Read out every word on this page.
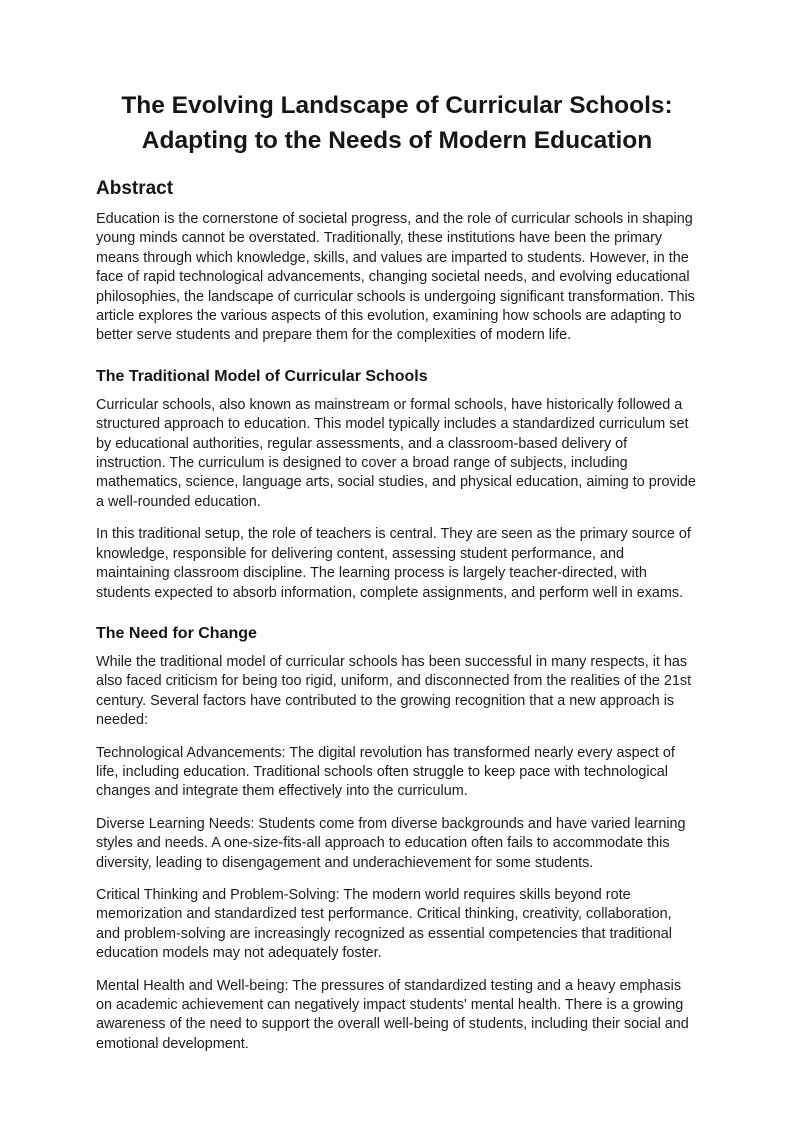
The Evolving Landscape of Curricular Schools:
Adapting to the Needs of Modern Education
Abstract

Education is the cornerstone of societal progress, and the role of curricular schools in shaping young minds cannot be overstated. Traditionally, these institutions have been the primary means through which knowledge, skills, and values are imparted to students. However, in the face of rapid technological advancements, changing societal needs, and evolving educational philosophies, the landscape of curricular schools is undergoing significant transformation. This article explores the various aspects of this evolution, examining how schools are adapting to better serve students and prepare them for the complexities of modern life.

The Traditional Model of Curricular Schools

Curricular schools, also known as mainstream or formal schools, have historically followed a structured approach to education. This model typically includes a standardized curriculum set by educational authorities, regular assessments, and a classroom-based delivery of instruction. The curriculum is designed to cover a broad range of subjects, including mathematics, science, language arts, social studies, and physical education, aiming to provide a well-rounded education.

In this traditional setup, the role of teachers is central. They are seen as the primary source of knowledge, responsible for delivering content, assessing student performance, and maintaining classroom discipline. The learning process is largely teacher-directed, with students expected to absorb information, complete assignments, and perform well in exams.

The Need for Change

While the traditional model of curricular schools has been successful in many respects, it has also faced criticism for being too rigid, uniform, and disconnected from the realities of the 21st century. Several factors have contributed to the growing recognition that a new approach is needed:

Technological Advancements: The digital revolution has transformed nearly every aspect of life, including education. Traditional schools often struggle to keep pace with technological changes and integrate them effectively into the curriculum.

Diverse Learning Needs: Students come from diverse backgrounds and have varied learning styles and needs. A one-size-fits-all approach to education often fails to accommodate this diversity, leading to disengagement and underachievement for some students.

Critical Thinking and Problem-Solving: The modern world requires skills beyond rote memorization and standardized test performance. Critical thinking, creativity, collaboration, and problem-solving are increasingly recognized as essential competencies that traditional education models may not adequately foster.

Mental Health and Well-being: The pressures of standardized testing and a heavy emphasis on academic achievement can negatively impact students' mental health. There is a growing awareness of the need to support the overall well-being of students, including their social and emotional development.
